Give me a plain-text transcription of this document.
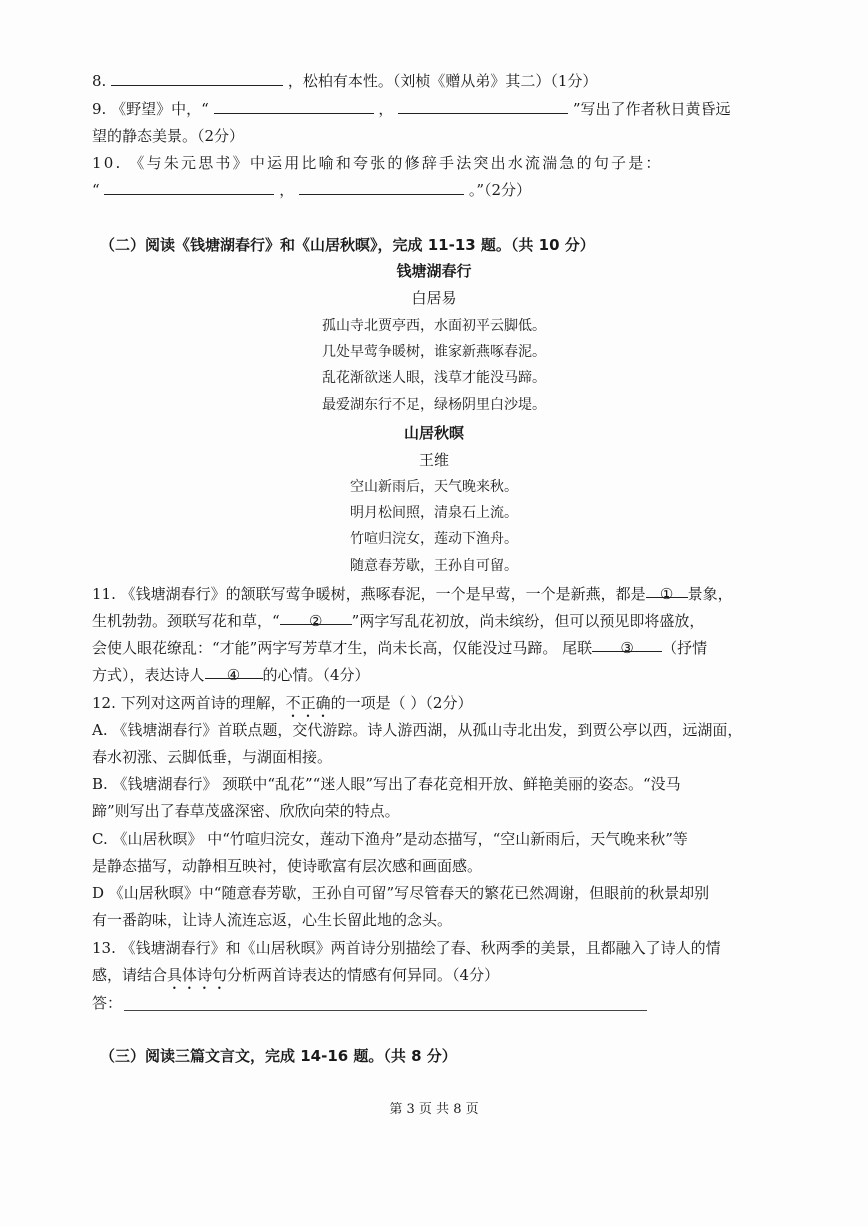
8.	，松柏有本性。（刘桢《赠从弟》其二）（1分）
9. 《野望》中，“	，	”写出了作者秋日黄昏远
望的静态美景。（2分）
10. 《与朱元思书》中运用比喻和夸张的修辞手法突出水流湍急的句子是：
“	，	。”（2分）
（二）阅读《钱塘湖春行》和《山居秋暝》，完成 11-13 题。（共 10 分）
钱塘湖春行
白居易
孤山寺北贾亭西，水面初平云脚低。
几处早莺争暖树，谁家新燕啄春泥。
乱花渐欲迷人眼，浅草才能没马蹄。
最爱湖东行不足，绿杨阴里白沙堤。
山居秋暝
王维
空山新雨后，天气晚来秋。
明月松间照，清泉石上流。
竹喧归浣女，莲动下渔舟。
随意春芳歇，王孙自可留。
11. 《钱塘湖春行》的颔联写莺争暖树，燕啄春泥，一个是早莺，一个是新燕，都是 ① 景象，
生机勃勃。颈联写花和草，“ ② ”两字写乱花初放，尚未缤纷，但可以预见即将盛放，
会使人眼花缭乱：“才能”两字写芳草才生，尚未长高，仅能没过马蹄。 尾联 ③ （抒情
方式），表达诗人 ④ 的心情。（4分）
12. 下列对这两首诗的理解，不正确的一项是（ ）（2分）
A. 《钱塘湖春行》首联点题，交代游踪。诗人游西湖，从孤山寺北出发，到贾公亭以西，远湖面，
春水初涨、云脚低垂，与湖面相接。
B. 《钱塘湖春行》 颈联中“乱花”“迷人眼”写出了春花竞相开放、鲜艳美丽的姿态。“没马
蹄”则写出了春草茂盛深密、欣欣向荣的特点。
C. 《山居秋暝》 中“竹喧归浣女，莲动下渔舟”是动态描写，“空山新雨后，天气晚来秋”等
是静态描写，动静相互映衬，使诗歌富有层次感和画面感。
D 《山居秋暝》中“随意春芳歇，王孙自可留”写尽管春天的繁花已然凋谢，但眼前的秋景却别
有一番韵味，让诗人流连忘返，心生长留此地的念头。
13. 《钱塘湖春行》和《山居秋暝》两首诗分别描绘了春、秋两季的美景，且都融入了诗人的情
感，请结合具体诗句分析两首诗表达的情感有何异同。（4分）
答：
（三）阅读三篇文言文，完成 14-16 题。（共 8 分）
第 3 页 共 8 页
